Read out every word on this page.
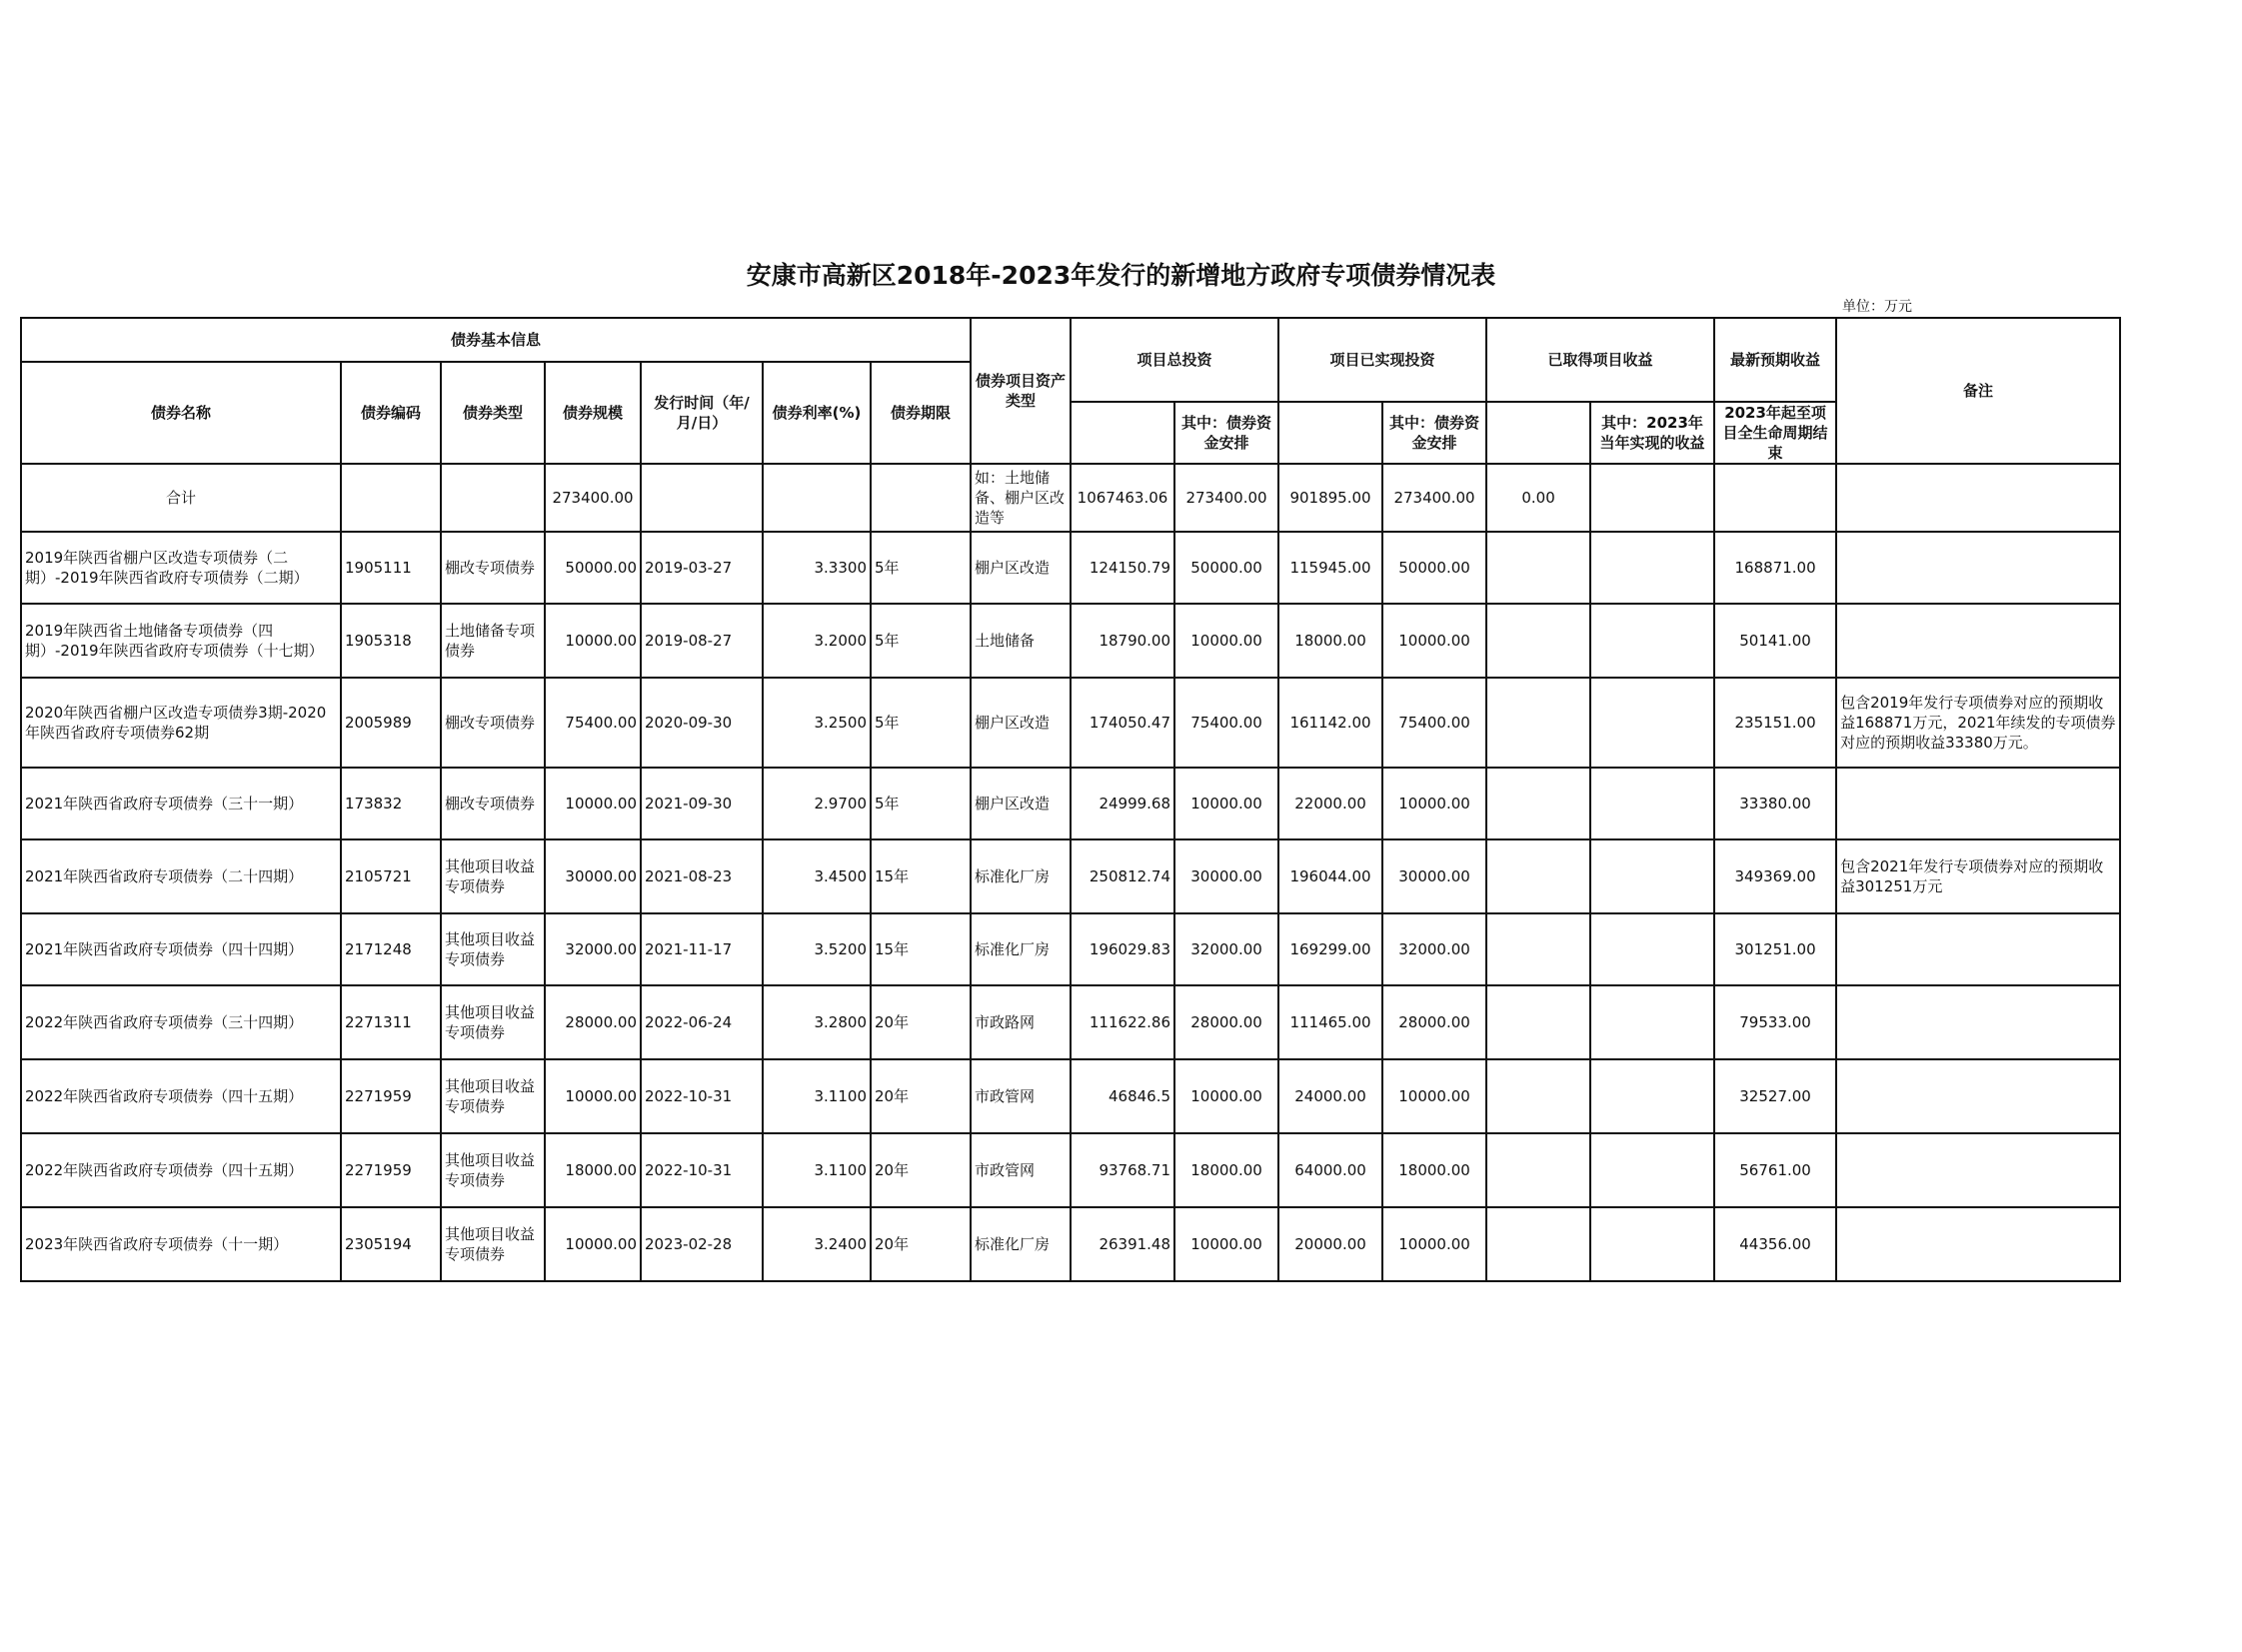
安康市高新区2018年-2023年发行的新增地方政府专项债券情况表
单位：万元
债券基本信息							债券项目资产类型	项目总投资		项目已实现投资		已取得项目收益		最新预期收益	备注
债券名称	债券编码	债券类型	债券规模	发行时间（年/月/日）	债券利率(%)	债券期限									
									其中：债券资金安排		其中：债券资金安排		其中：2023年当年实现的收益	2023年起至项目全生命周期结束	
合计			273400.00				如：土地储备、棚户区改造等	1067463.06	273400.00	901895.00	273400.00	0.00			
2019年陕西省棚户区改造专项债券（二期）-2019年陕西省政府专项债券（二期）	1905111	棚改专项债券	50000.00	2019-03-27	3.3300	5年	棚户区改造	124150.79	50000.00	115945.00	50000.00			168871.00	
2019年陕西省土地储备专项债券（四期）-2019年陕西省政府专项债券（十七期）	1905318	土地储备专项债券	10000.00	2019-08-27	3.2000	5年	土地储备	18790.00	10000.00	18000.00	10000.00			50141.00	
2020年陕西省棚户区改造专项债券3期-2020年陕西省政府专项债券62期	2005989	棚改专项债券	75400.00	2020-09-30	3.2500	5年	棚户区改造	174050.47	75400.00	161142.00	75400.00			235151.00	包含2019年发行专项债券对应的预期收益168871万元，2021年续发的专项债券对应的预期收益33380万元。
2021年陕西省政府专项债券（三十一期）	173832	棚改专项债券	10000.00	2021-09-30	2.9700	5年	棚户区改造	24999.68	10000.00	22000.00	10000.00			33380.00	
2021年陕西省政府专项债券（二十四期）	2105721	其他项目收益专项债券	30000.00	2021-08-23	3.4500	15年	标准化厂房	250812.74	30000.00	196044.00	30000.00			349369.00	包含2021年发行专项债券对应的预期收益301251万元
2021年陕西省政府专项债券（四十四期）	2171248	其他项目收益专项债券	32000.00	2021-11-17	3.5200	15年	标准化厂房	196029.83	32000.00	169299.00	32000.00			301251.00	
2022年陕西省政府专项债券（三十四期）	2271311	其他项目收益专项债券	28000.00	2022-06-24	3.2800	20年	市政路网	111622.86	28000.00	111465.00	28000.00			79533.00	
2022年陕西省政府专项债券（四十五期）	2271959	其他项目收益专项债券	10000.00	2022-10-31	3.1100	20年	市政管网	46846.5	10000.00	24000.00	10000.00			32527.00	
2022年陕西省政府专项债券（四十五期）	2271959	其他项目收益专项债券	18000.00	2022-10-31	3.1100	20年	市政管网	93768.71	18000.00	64000.00	18000.00			56761.00	
2023年陕西省政府专项债券（十一期）	2305194	其他项目收益专项债券	10000.00	2023-02-28	3.2400	20年	标准化厂房	26391.48	10000.00	20000.00	10000.00			44356.00	
